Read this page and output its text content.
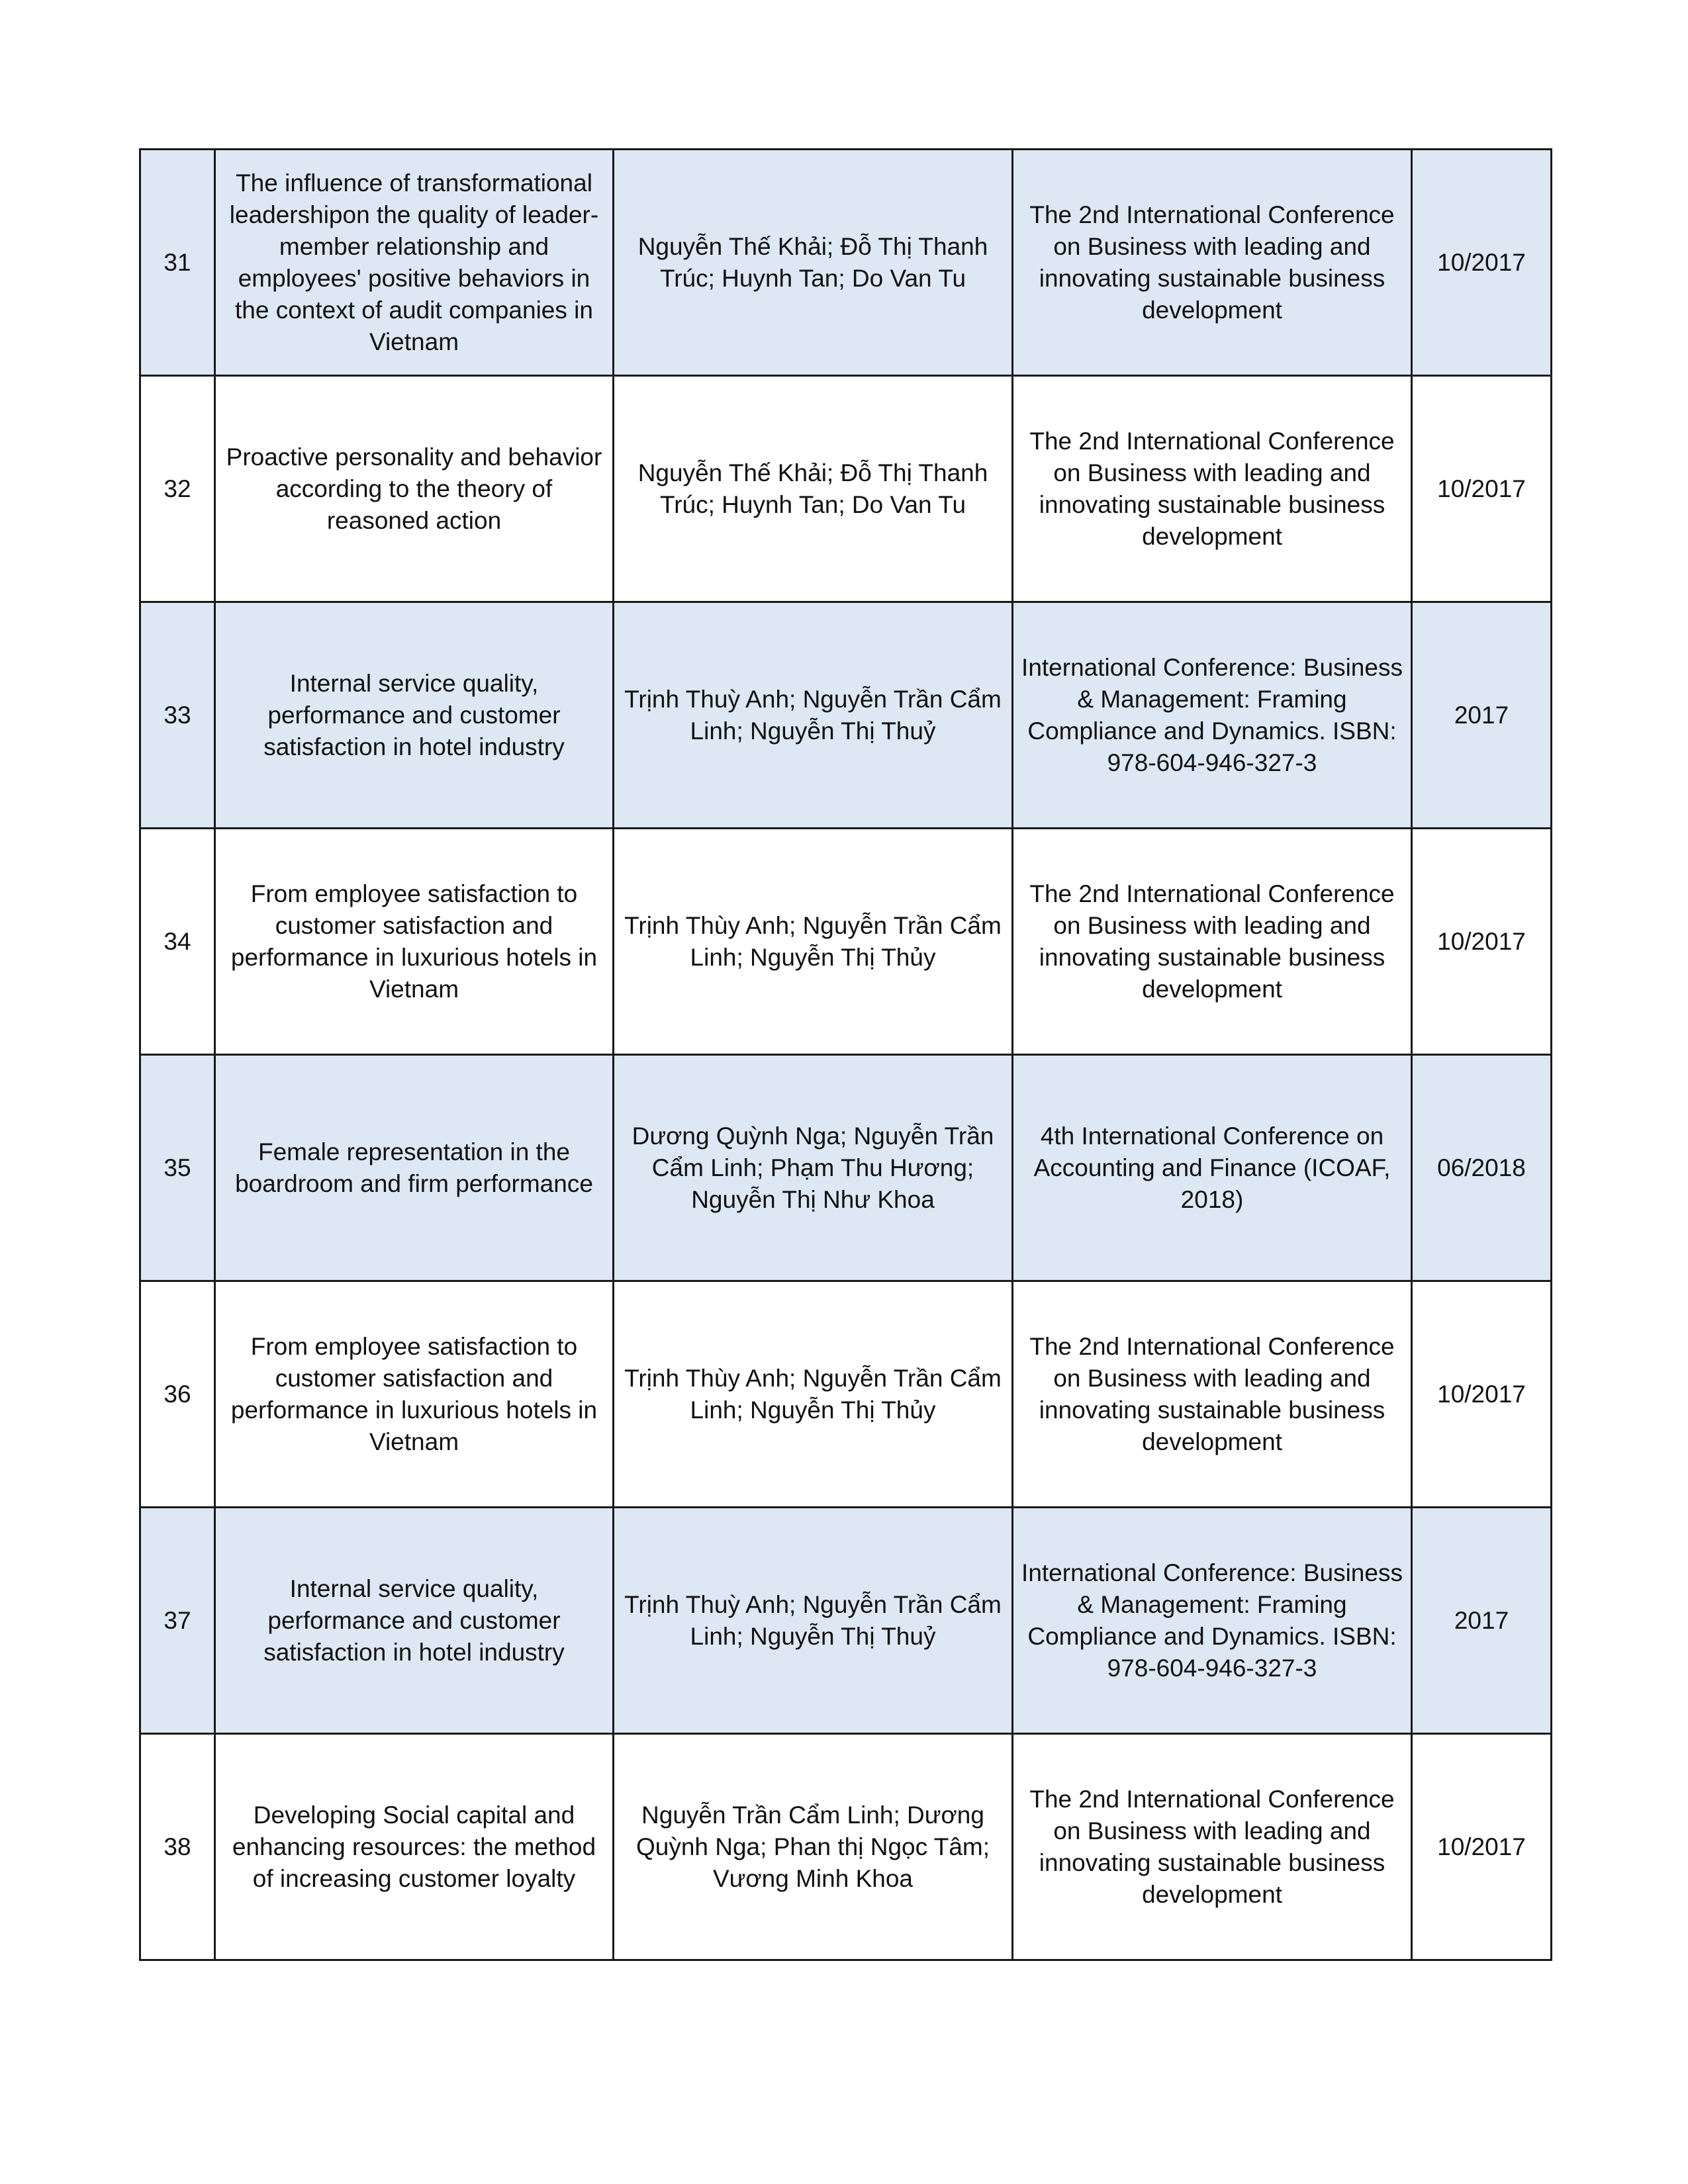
31	The influence of transformational leadershipon the quality of leader-member relationship and employees' positive behaviors in the context of audit companies in Vietnam	Nguyễn Thế Khải; Đỗ Thị Thanh Trúc; Huynh Tan; Do Van Tu	The 2nd International Conference on Business with leading and innovating sustainable business development	10/2017
32	Proactive personality and behavior according to the theory of reasoned action	Nguyễn Thế Khải; Đỗ Thị Thanh Trúc; Huynh Tan; Do Van Tu	The 2nd International Conference on Business with leading and innovating sustainable business development	10/2017
33	Internal service quality, performance and customer satisfaction in hotel industry	Trịnh Thuỳ Anh; Nguyễn Trần Cẩm Linh; Nguyễn Thị Thuỷ	International Conference: Business & Management: Framing Compliance and Dynamics. ISBN: 978-604-946-327-3	2017
34	From employee satisfaction to customer satisfaction and performance in luxurious hotels in Vietnam	Trịnh Thùy Anh; Nguyễn Trần Cẩm Linh; Nguyễn Thị Thủy	The 2nd International Conference on Business with leading and innovating sustainable business development	10/2017
35	Female representation in the boardroom and firm performance	Dương Quỳnh Nga; Nguyễn Trần Cẩm Linh; Phạm Thu Hương; Nguyễn Thị Như Khoa	4th International Conference on Accounting and Finance (ICOAF, 2018)	06/2018
36	From employee satisfaction to customer satisfaction and performance in luxurious hotels in Vietnam	Trịnh Thùy Anh; Nguyễn Trần Cẩm Linh; Nguyễn Thị Thủy	The 2nd International Conference on Business with leading and innovating sustainable business development	10/2017
37	Internal service quality, performance and customer satisfaction in hotel industry	Trịnh Thuỳ Anh; Nguyễn Trần Cẩm Linh; Nguyễn Thị Thuỷ	International Conference: Business & Management: Framing Compliance and Dynamics. ISBN: 978-604-946-327-3	2017
38	Developing Social capital and enhancing resources: the method of increasing customer loyalty	Nguyễn Trần Cẩm Linh; Dương Quỳnh Nga; Phan thị Ngọc Tâm; Vương Minh Khoa	The 2nd International Conference on Business with leading and innovating sustainable business development	10/2017
